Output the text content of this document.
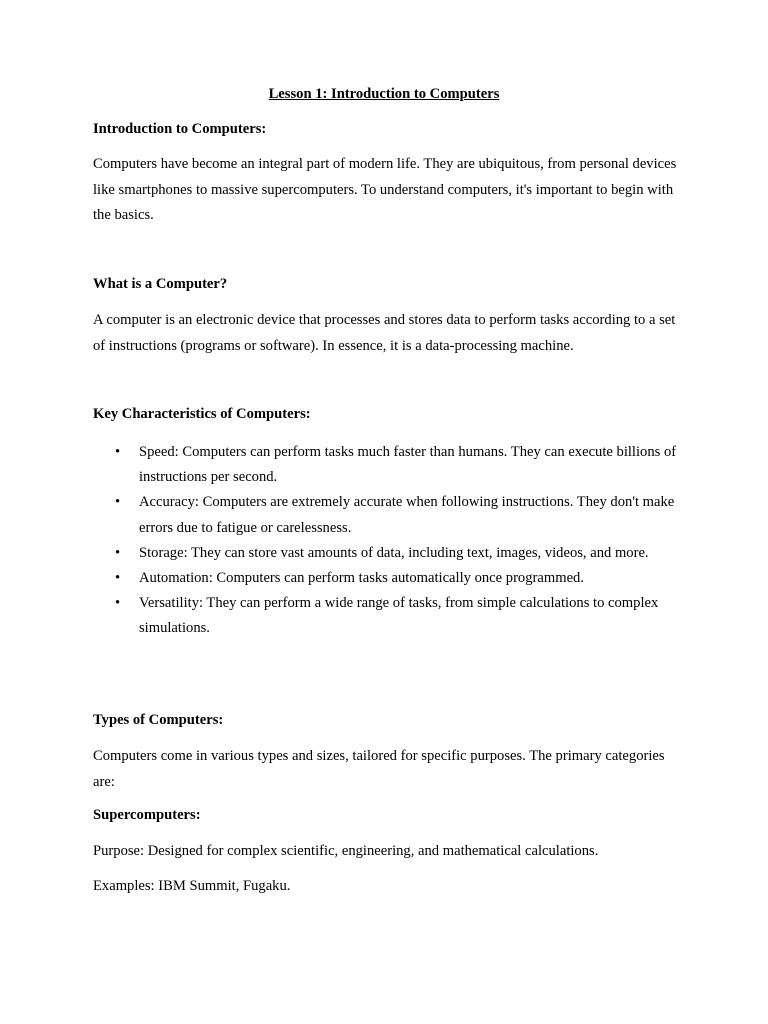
Lesson 1: Introduction to Computers
Introduction to Computers:
Computers have become an integral part of modern life. They are ubiquitous, from personal devices like smartphones to massive supercomputers. To understand computers, it's important to begin with the basics.
What is a Computer?
A computer is an electronic device that processes and stores data to perform tasks according to a set of instructions (programs or software). In essence, it is a data-processing machine.
Key Characteristics of Computers:
• Speed: Computers can perform tasks much faster than humans. They can execute billions of instructions per second.
• Accuracy: Computers are extremely accurate when following instructions. They don't make errors due to fatigue or carelessness.
• Storage: They can store vast amounts of data, including text, images, videos, and more.
• Automation: Computers can perform tasks automatically once programmed.
• Versatility: They can perform a wide range of tasks, from simple calculations to complex simulations.
Types of Computers:
Computers come in various types and sizes, tailored for specific purposes. The primary categories are:
Supercomputers:
Purpose: Designed for complex scientific, engineering, and mathematical calculations.
Examples: IBM Summit, Fugaku.
